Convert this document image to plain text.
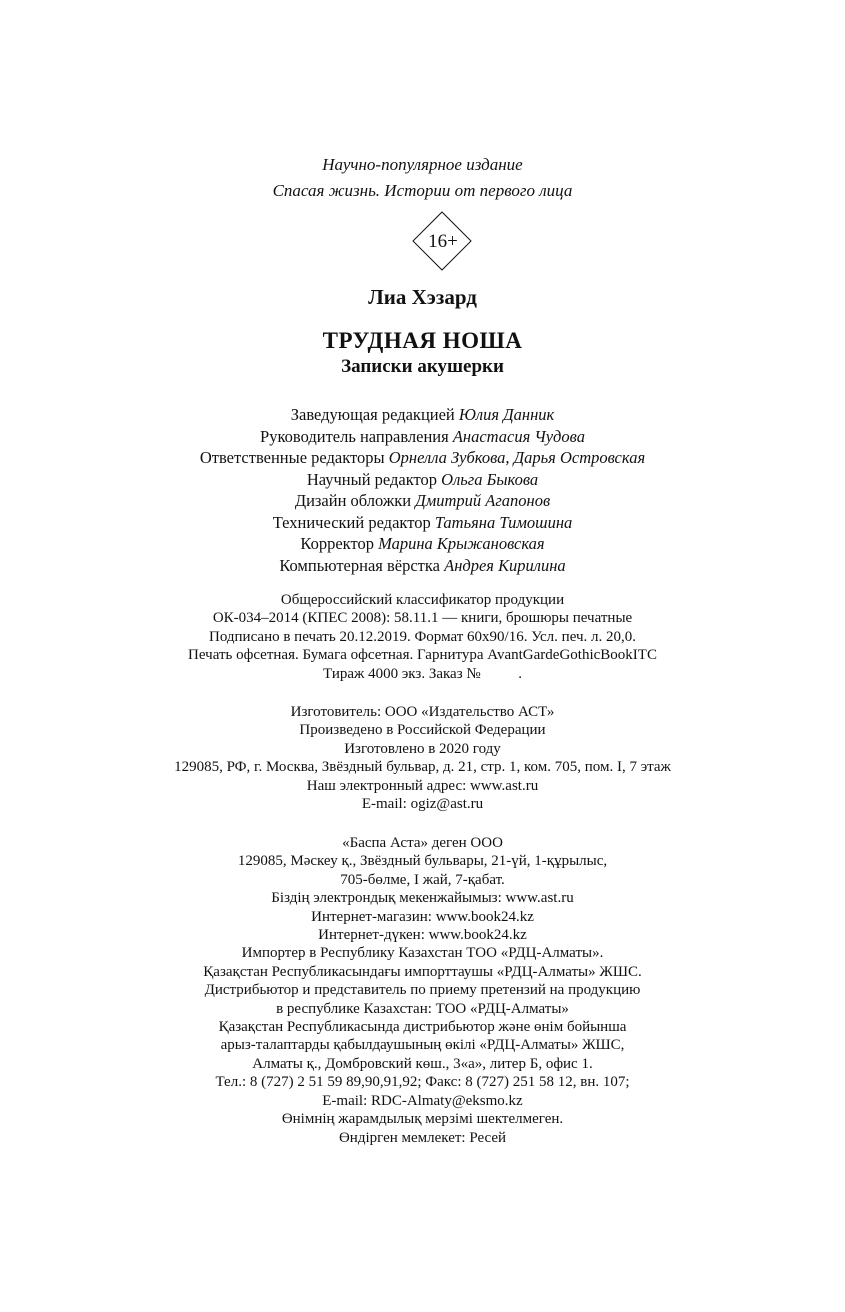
Научно-популярное издание
Спасая жизнь. Истории от первого лица
16+
Лиа Хэзард
ТРУДНАЯ НОША
Записки акушерки
Заведующая редакцией Юлия Данник
Руководитель направления Анастасия Чудова
Ответственные редакторы Орнелла Зубкова, Дарья Островская
Научный редактор Ольга Быкова
Дизайн обложки Дмитрий Агапонов
Технический редактор Татьяна Тимошина
Корректор Марина Крыжановская
Компьютерная вёрстка Андрея Кирилина
Общероссийский классификатор продукции
ОК-034–2014 (КПЕС 2008): 58.11.1 — книги, брошюры печатные
Подписано в печать 20.12.2019. Формат 60х90/16. Усл. печ. л. 20,0.
Печать офсетная. Бумага офсетная. Гарнитура AvantGardeGothicBookITC
Тираж 4000 экз. Заказ №          .
Изготовитель: ООО «Издательство АСТ»
Произведено в Российской Федерации
Изготовлено в 2020 году
129085, РФ, г. Москва, Звёздный бульвар, д. 21, стр. 1, ком. 705, пом. I, 7 этаж
Наш электронный адрес: www.ast.ru
E-mail: ogiz@ast.ru
«Баспа Аста» деген ООО
129085, Мәскеу қ., Звёздный бульвары, 21-үй, 1-құрылыс,
705-бөлме, I жай, 7-қабат.
Біздің электрондық мекенжайымыз: www.ast.ru
Интернет-магазин: www.book24.kz
Интернет-дүкен: www.book24.kz
Импортер в Республику Казахстан ТОО «РДЦ-Алматы».
Қазақстан Республикасындағы импорттаушы «РДЦ-Алматы» ЖШС.
Дистрибьютор и представитель по приему претензий на продукцию
в республике Казахстан: ТОО «РДЦ-Алматы»
Қазақстан Республикасында дистрибьютор және өнім бойынша
арыз-талаптарды қабылдаушының өкілі «РДЦ-Алматы» ЖШС,
Алматы қ., Домбровский көш., 3«а», литер Б, офис 1.
Тел.: 8 (727) 2 51 59 89,90,91,92; Факс: 8 (727) 251 58 12, вн. 107;
E-mail: RDC-Almaty@eksmo.kz
Өнімнің жарамдылық мерзімі шектелмеген.
Өндірген мемлекет: Ресей
